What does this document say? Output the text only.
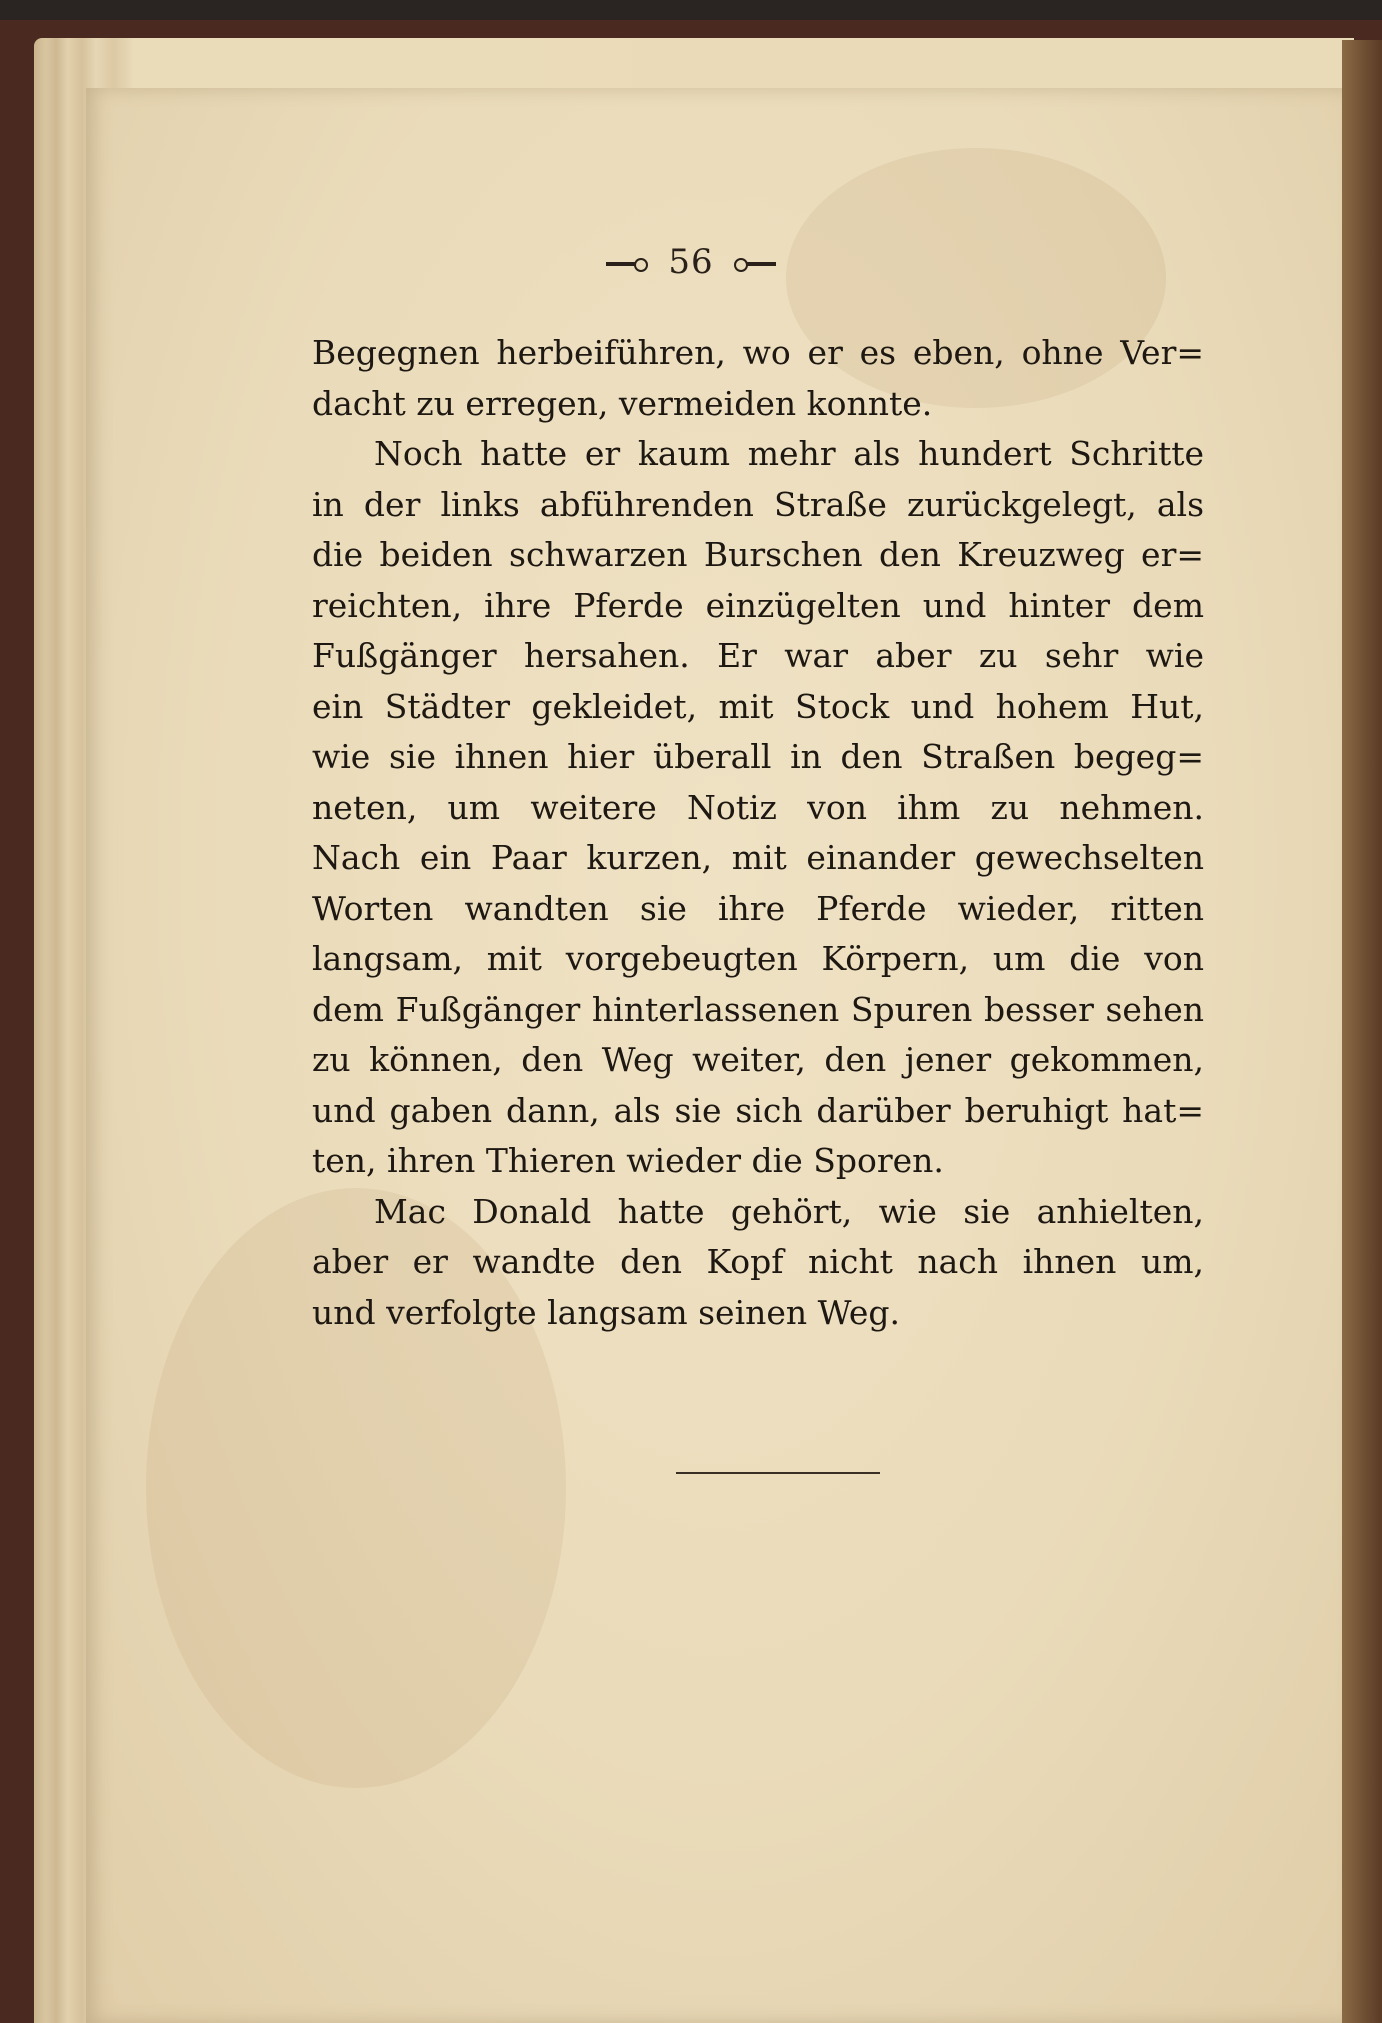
56
Begegnen herbeiführen, wo er es eben, ohne Ver=
dacht zu erregen, vermeiden konnte.
Noch hatte er kaum mehr als hundert Schritte
in der links abführenden Straße zurückgelegt, als
die beiden schwarzen Burschen den Kreuzweg er=
reichten, ihre Pferde einzügelten und hinter dem
Fußgänger hersahen. Er war aber zu sehr wie
ein Städter gekleidet, mit Stock und hohem Hut,
wie sie ihnen hier überall in den Straßen begeg=
neten, um weitere Notiz von ihm zu nehmen.
Nach ein Paar kurzen, mit einander gewechselten
Worten wandten sie ihre Pferde wieder, ritten
langsam, mit vorgebeugten Körpern, um die von
dem Fußgänger hinterlassenen Spuren besser sehen
zu können, den Weg weiter, den jener gekommen,
und gaben dann, als sie sich darüber beruhigt hat=
ten, ihren Thieren wieder die Sporen.
Mac Donald hatte gehört, wie sie anhielten,
aber er wandte den Kopf nicht nach ihnen um,
und verfolgte langsam seinen Weg.
